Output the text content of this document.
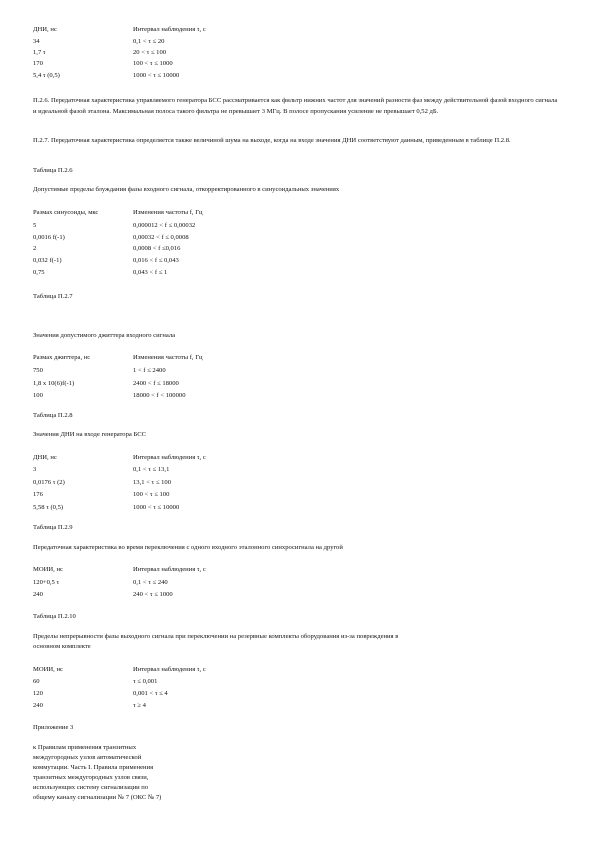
ДНИ, нс	Интервал наблюдения τ, с
34	0,1 < τ ≤ 20
1,7 τ	20 < τ ≤ 100
170	100 < τ ≤ 1000
5,4 τ (0,5)	1000 < τ ≤ 10000
П.2.6. Передаточная характеристика управляемого генератора БСС рассматривается как фильтр нижних частот для значений разности фаз между действительной фазой входного сигнала и идеальной фазой эталона. Максимальная полоса такого фильтра не превышает 3 МГц. В полосе пропускания усиление не превышает 0,52 дБ.
П.2.7. Передаточная характеристика определяется также величиной шума на выходе, когда на входе значения ДНИ соответствуют данным, приведенным в таблице П.2.8.
Таблица П.2.6
Допустимые пределы блуждания фазы входного сигнала, откорректированного в синусоидальных значениях
Размах синусоиды, мкс	Изменения частоты f, Гц
5	0,000012 < f ≤ 0,00032
0,0016 f(-1)	0,00032 < f ≤ 0,0008
2	0,0008 < f ≤0,016
0,032 f(-1)	0,016 < f ≤ 0,043
0,75	0,043 < f ≤ 1
Таблица П.2.7
Значения допустимого джиттера входного сигнала
Размах джиттера, нс	Изменения частоты f, Гц
750	1 < f ≤ 2400
1,8 x 10(6)f(-1)	2400 < f ≤ 18000
100	18000 < f < 100000
Таблица П.2.8
Значения ДНИ на входе генератора БСС
ДНИ, нс	Интервал наблюдения τ, с
3	0,1 < τ ≤ 13,1
0,0176 τ (2)	13,1 < τ ≤ 100
176	100 < τ ≤ 100
5,58 τ (0,5)	1000 < τ ≤ 10000
Таблица П.2.9
Передаточная характеристика во время переключения с одного входного эталонного синхросигнала на другой
МОИИ, нс	Интервал наблюдения τ, с
120+0,5 τ	0,1 < τ ≤ 240
240	240 < τ ≤ 1000
Таблица П.2.10
Пределы непрерывности фазы выходного сигнала при переключении на резервные комплекты оборудования из-за повреждения в
основном комплекте
МОИИ, нс	Интервал наблюдения τ, с
60	τ ≤ 0,001
120	0,001 < τ ≤ 4
240	τ ≥ 4
Приложение 3
к Правилам применения транзитных
междугородных узлов автоматической
коммутации. Часть I. Правила применения
транзитных междугородных узлов связи,
использующих систему сигнализации по
общему каналу сигнализации № 7 (ОКС № 7)
